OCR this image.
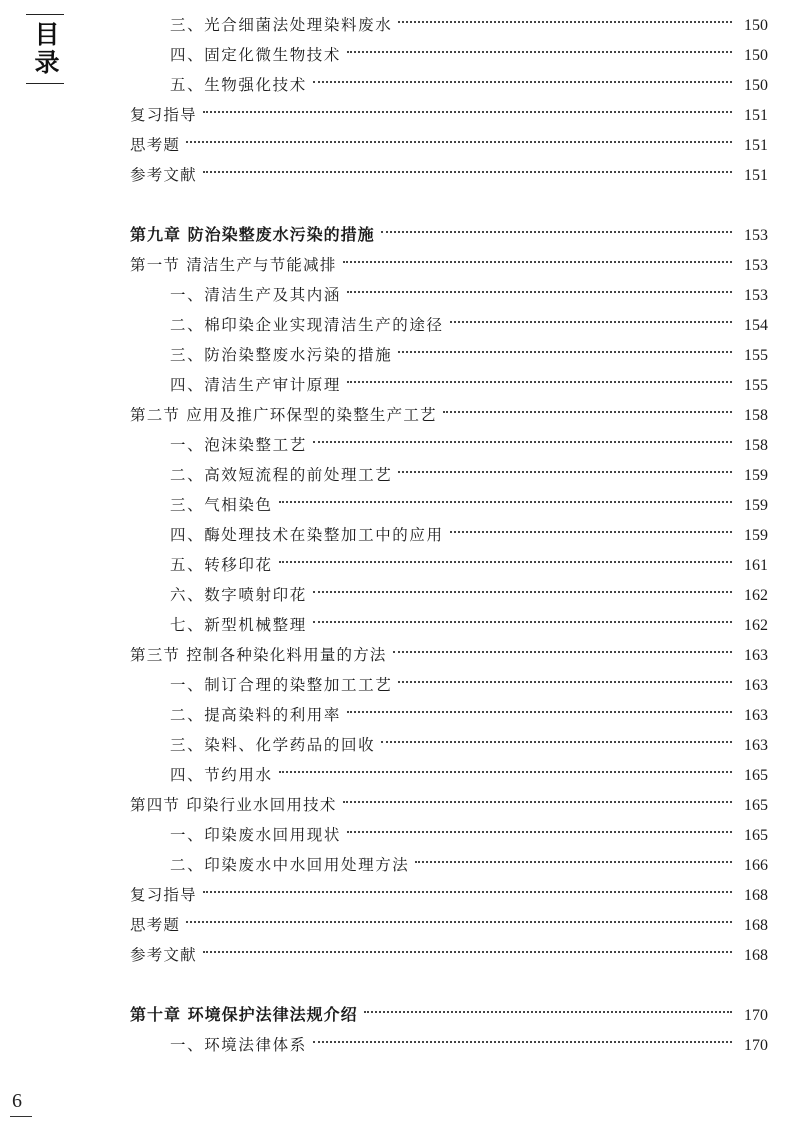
目录	三、光合细菌法处理染料废水	150
四、固定化微生物技术	150
五、生物强化技术	150
复习指导	151
思考题	151
参考文献	151
第九章 防治染整废水污染的措施	153
第一节 清洁生产与节能减排	153
一、清洁生产及其内涵	153
二、棉印染企业实现清洁生产的途径	154
三、防治染整废水污染的措施	155
四、清洁生产审计原理	155
第二节 应用及推广环保型的染整生产工艺	158
一、泡沫染整工艺	158
二、高效短流程的前处理工艺	159
三、气相染色	159
四、酶处理技术在染整加工中的应用	159
五、转移印花	161
六、数字喷射印花	162
七、新型机械整理	162
第三节 控制各种染化料用量的方法	163
一、制订合理的染整加工工艺	163
二、提高染料的利用率	163
三、染料、化学药品的回收	163
四、节约用水	165
第四节 印染行业水回用技术	165
一、印染废水回用现状	165
二、印染废水中水回用处理方法	166
复习指导	168
思考题	168
参考文献	168
第十章 环境保护法律法规介绍	170
一、环境法律体系	170
6
